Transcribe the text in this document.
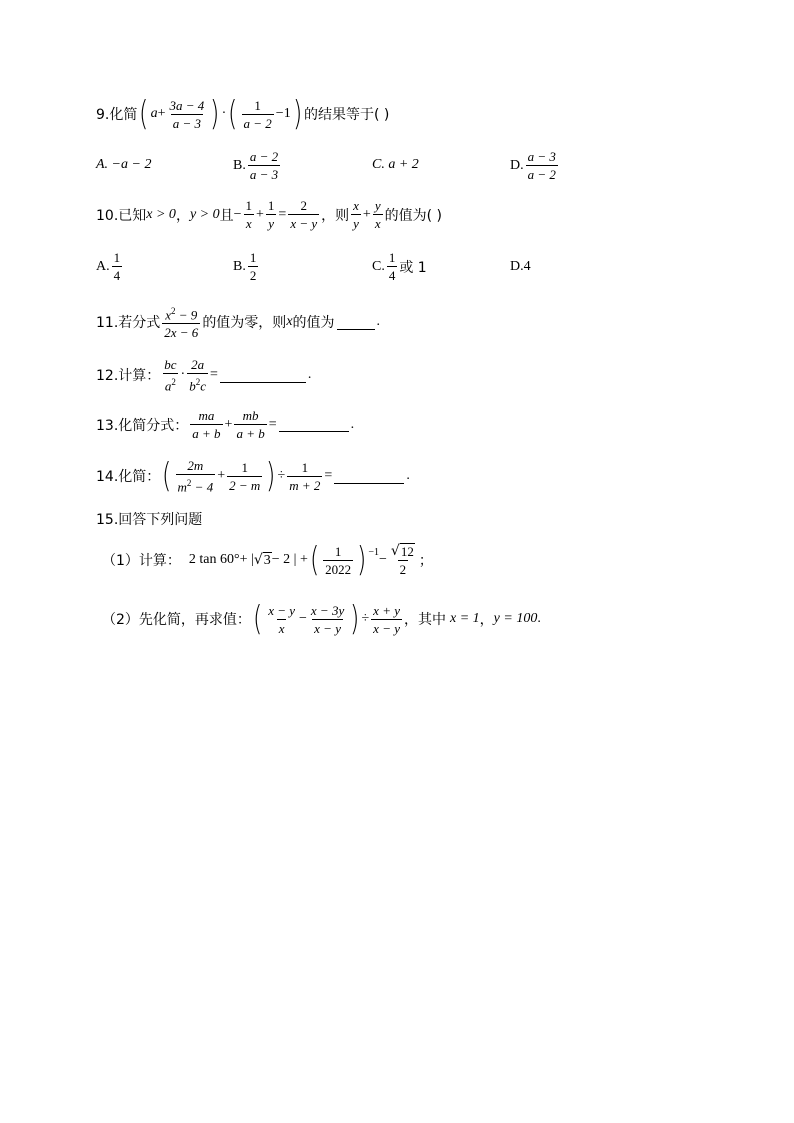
9.化简 ( $a + \frac{3a - 4}{a - 3}$ ) · ( $\frac{1}{a - 2} -1$ ) 的结果等于( )
A. −a − 2	B. $\frac{a - 2}{a - 3}$	C. a + 2	D. $\frac{a - 3}{a - 2}$
10.已知 x > 0 ， y > 0 且 − $\frac{1}{x} + \frac{1}{y} = \frac{2}{x - y}$ ，则 $\frac{x}{y} + \frac{y}{x}$ 的值为( )
A. $\frac{1}{4}$	B. $\frac{1}{2}$	C. $\frac{1}{4}$ 或 1	D.4
11.若分式 $\frac{x^2 - 9}{2x - 6}$ 的值为零，则 x 的值为	.
12.计算： $\frac{bc}{a^2} \cdot \frac{2a}{b^2c}$ =	.
13.化简分式： $\frac{ma}{a + b} + \frac{mb}{a + b}$ =	.
14.化简： ( $\frac{2m}{m^2 - 4} + \frac{1}{2 - m}$ ) ÷ $\frac{1}{m + 2}$ =	.
15.回答下列问题
（1）计算： 2 tan 60°+ | √ 3 − 2 | + ( $\frac{1}{2022}$ ) $-1 - \frac{√ 12}{2}$ ；
（2）先化简，再求值： ( $\frac{x - y}{x} - \frac{x - 3y}{x - y}$ ) ÷ $\frac{x + y}{x - y}$ ，其中 x = 1 ， y = 100 .
